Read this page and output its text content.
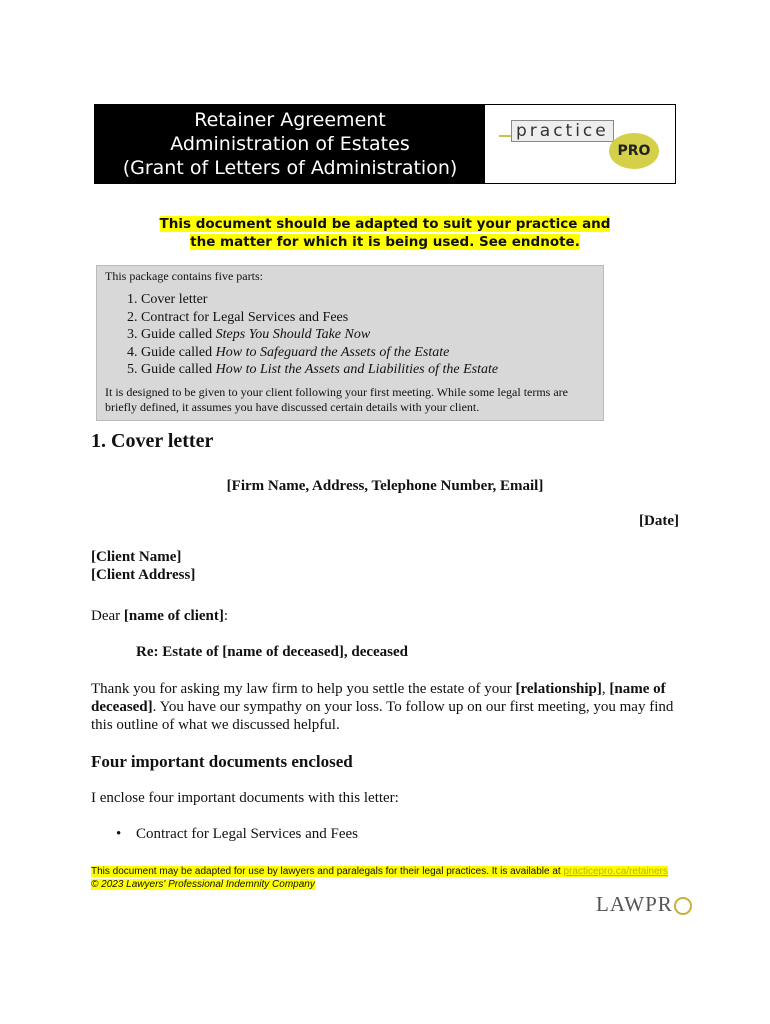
Retainer Agreement
Administration of Estates
(Grant of Letters of Administration)
practice
PRO
This document should be adapted to suit your practice and
the matter for which it is being used. See endnote.
This package contains five parts:
1. Cover letter
2. Contract for Legal Services and Fees
3. Guide called Steps You Should Take Now
4. Guide called How to Safeguard the Assets of the Estate
5. Guide called How to List the Assets and Liabilities of the Estate
It is designed to be given to your client following your first meeting. While some legal terms are briefly defined, it assumes you have discussed certain details with your client.
1. Cover letter
[Firm Name, Address, Telephone Number, Email]
[Date]
[Client Name]
[Client Address]
Dear [name of client]:
Re: Estate of [name of deceased], deceased
Thank you for asking my law firm to help you settle the estate of your [relationship], [name of deceased]. You have our sympathy on your loss. To follow up on our first meeting, you may find this outline of what we discussed helpful.
Four important documents enclosed
I enclose four important documents with this letter:
• Contract for Legal Services and Fees
This document may be adapted for use by lawyers and paralegals for their legal practices. It is available at practicepro.ca/retainers
© 2023 Lawyers' Professional Indemnity Company
LAWPR
